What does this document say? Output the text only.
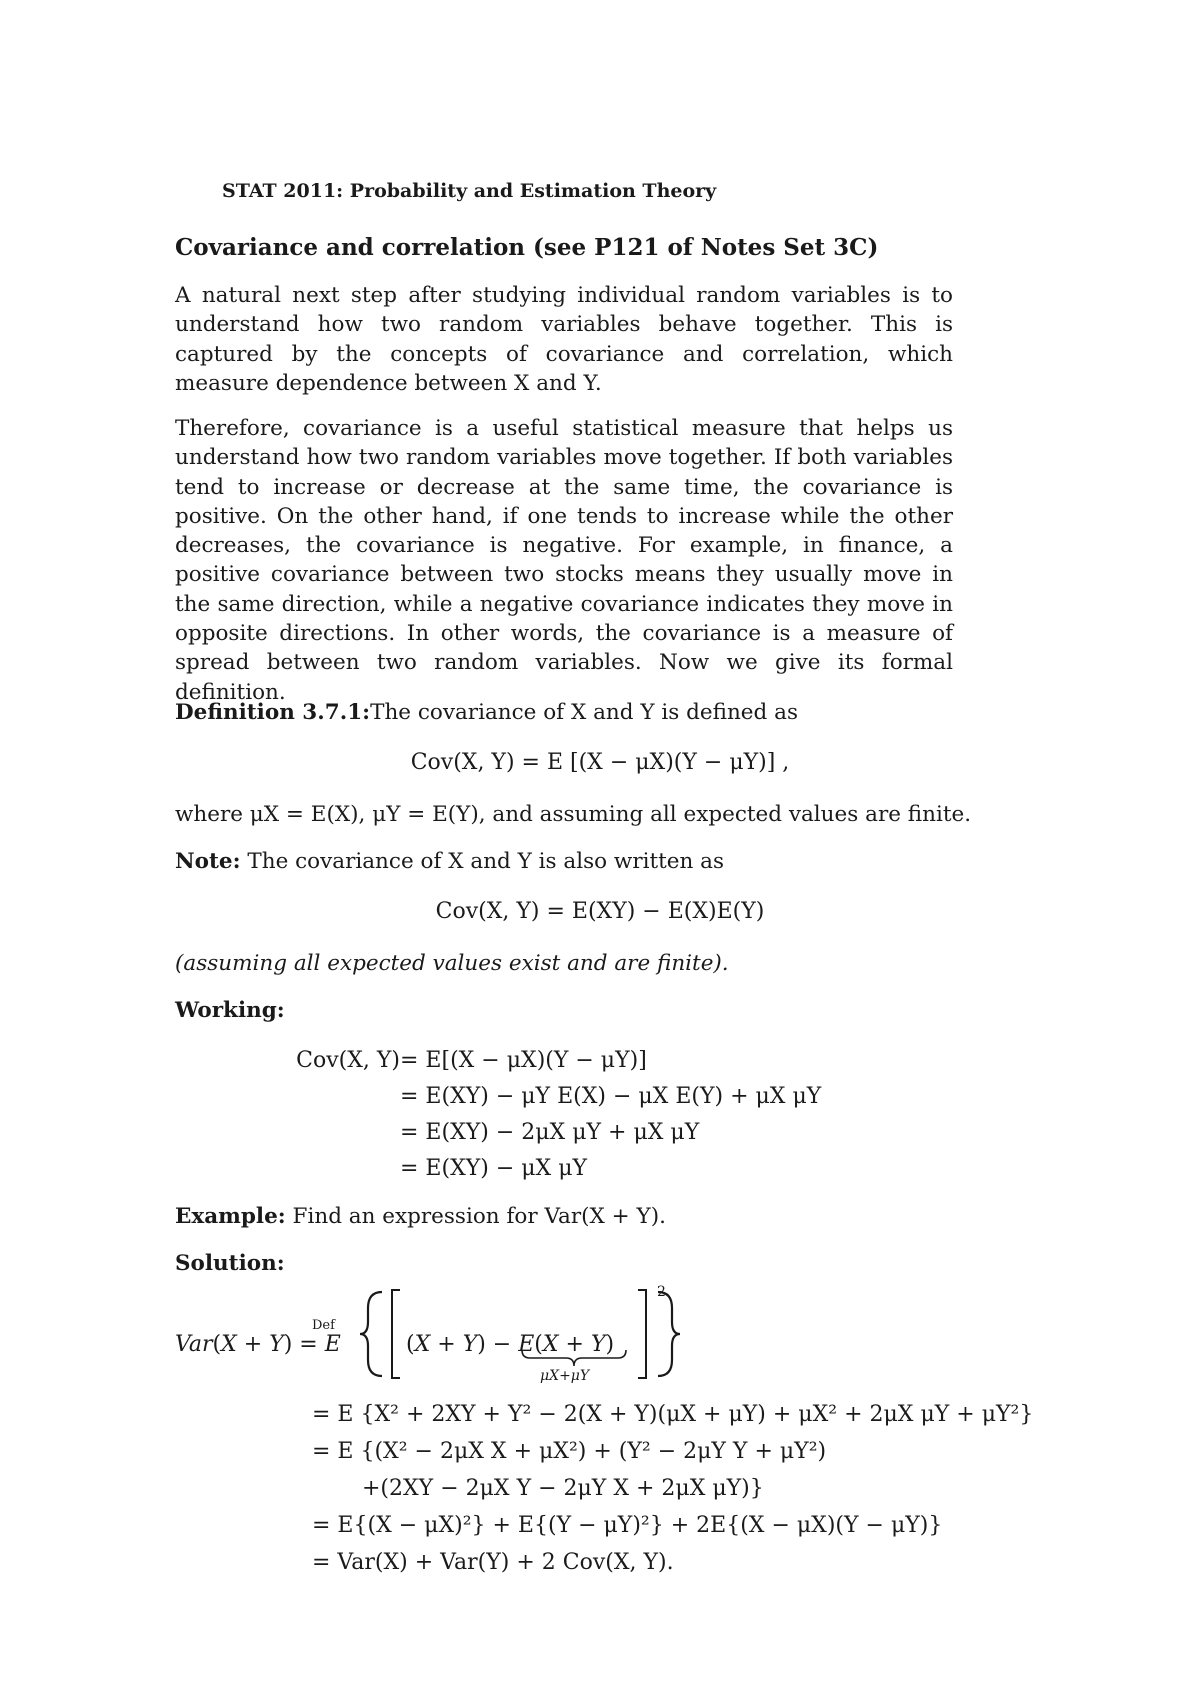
STAT 2011: Probability and Estimation Theory
Covariance and correlation (see P121 of Notes Set 3C)
A natural next step after studying individual random variables is to understand how two random variables behave together. This is captured by the concepts of covariance and correlation, which measure dependence between X and Y.
Therefore, covariance is a useful statistical measure that helps us understand how two random variables move together. If both variables tend to increase or decrease at the same time, the covariance is positive. On the other hand, if one tends to increase while the other decreases, the covariance is negative. For example, in finance, a positive covariance between two stocks means they usually move in the same direction, while a negative covariance indicates they move in opposite directions. In other words, the covariance is a measure of spread between two random variables. Now we give its formal definition.
Definition 3.7.1:The covariance of X and Y is defined as
Cov(X, Y) = E [(X − μX)(Y − μY)] ,
where μX = E(X), μY = E(Y), and assuming all expected values are finite.
Note: The covariance of X and Y is also written as
Cov(X, Y) = E(XY) − E(X)E(Y)
(assuming all expected values exist and are finite).
Working:
Cov(X, Y) = E[(X − μX)(Y − μY)]
= E(XY) − μY E(X) − μX E(Y) + μX μY
= E(XY) − 2μX μY + μX μY
= E(XY) − μX μY
Example: Find an expression for Var(X + Y).
Solution:
Var(X + Y) = E
Def
(X + Y) − E(X + Y)
2
μX+μY
= E {X² + 2XY + Y² − 2(X + Y)(μX + μY) + μX² + 2μX μY + μY²}
= E {(X² − 2μX X + μX²) + (Y² − 2μY Y + μY²)
+(2XY − 2μX Y − 2μY X + 2μX μY)}
= E{(X − μX)²} + E{(Y − μY)²} + 2E{(X − μX)(Y − μY)}
= Var(X) + Var(Y) + 2 Cov(X, Y).
